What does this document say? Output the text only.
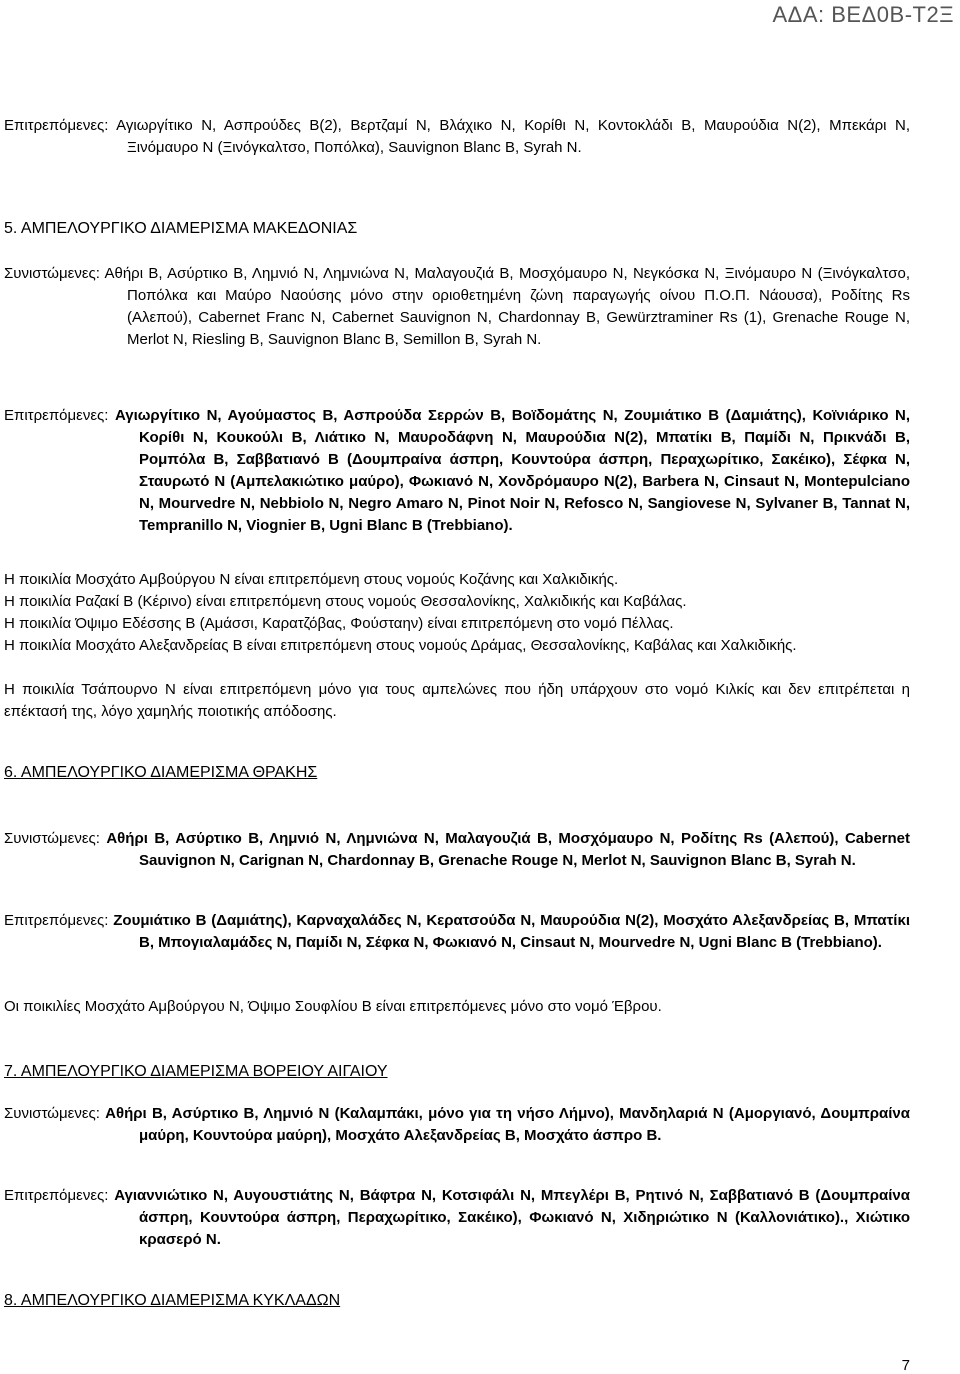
ΑΔΑ: ΒΕΔ0Β-Τ2Ξ
Επιτρεπόμενες: Αγιωργίτικο Ν, Ασπρούδες Β(2), Βερτζαμί Ν, Βλάχικο Ν, Κορίθι Ν, Κοντοκλάδι Β, Μαυρούδια Ν(2), Μπεκάρι Ν, Ξινόμαυρο Ν (Ξινόγκαλτσο, Ποπόλκα), Sauvignon Blanc B, Syrah N.
5. ΑΜΠΕΛΟΥΡΓΙΚΟ ΔΙΑΜΕΡΙΣΜΑ ΜΑΚΕΔΟΝΙΑΣ
Συνιστώμενες: Αθήρι Β, Ασύρτικο Β, Λημνιό Ν, Λημνιώνα Ν, Μαλαγουζιά Β, Μοσχόμαυρο Ν, Νεγκόσκα Ν, Ξινόμαυρο Ν (Ξινόγκαλτσο, Ποπόλκα και Μαύρο Ναούσης μόνο στην οριοθετημένη ζώνη παραγωγής οίνου Π.Ο.Π. Νάουσα), Ροδίτης Rs (Αλεπού), Cabernet Franc N, Cabernet Sauvignon N, Chardonnay B, Gewürztraminer Rs (1), Grenache Rouge N, Merlot N, Riesling B, Sauvignon Blanc B, Semillon B, Syrah N.
Επιτρεπόμενες: Αγιωργίτικο Ν, Αγούμαστος Β, Ασπρούδα Σερρών Β, Βοϊδομάτης Ν, Ζουμιάτικο Β (Δαμιάτης), Κοϊνιάρικο Ν, Κορίθι Ν, Κουκούλι Β, Λιάτικο Ν, Μαυροδάφνη Ν, Μαυρούδια Ν(2), Μπατίκι Β, Παμίδι Ν, Πρικνάδι Β, Ρομπόλα Β, Σαββατιανό Β (Δουμπραίνα άσπρη, Κουντούρα άσπρη, Περαχωρίτικο, Σακέικο), Σέφκα Ν, Σταυρωτό Ν (Αμπελακιώτικο μαύρο), Φωκιανό Ν, Χονδρόμαυρο Ν(2), Barbera N, Cinsaut N, Montepulciano N, Mourvedre N, Nebbiolo N, Negro Amaro N, Pinot Noir N, Refosco N, Sangiovese N, Sylvaner B, Tannat N, Tempranillo N, Viognier B, Ugni Blanc B (Trebbiano).
Η ποικιλία Μοσχάτο Αμβούργου Ν είναι επιτρεπόμενη στους νομούς Κοζάνης και Χαλκιδικής.
Η ποικιλία Ραζακί Β (Κέρινο) είναι επιτρεπόμενη στους νομούς Θεσσαλονίκης, Χαλκιδικής και Καβάλας.
Η ποικιλία Όψιμο Εδέσσης Β (Αμάσσι, Καρατζόβας, Φούσταην) είναι επιτρεπόμενη στο νομό Πέλλας.
Η ποικιλία Μοσχάτο Αλεξανδρείας Β είναι επιτρεπόμενη στους νομούς Δράμας, Θεσσαλονίκης, Καβάλας και Χαλκιδικής.
Η ποικιλία Τσάπουρνο Ν είναι επιτρεπόμενη μόνο για τους αμπελώνες που ήδη υπάρχουν στο νομό Κιλκίς και δεν επιτρέπεται η επέκτασή της, λόγο χαμηλής ποιοτικής απόδοσης.
6. ΑΜΠΕΛΟΥΡΓΙΚΟ ΔΙΑΜΕΡΙΣΜΑ ΘΡΑΚΗΣ
Συνιστώμενες: Αθήρι Β, Ασύρτικο Β, Λημνιό Ν, Λημνιώνα Ν, Μαλαγουζιά Β, Μοσχόμαυρο Ν, Ροδίτης Rs (Αλεπού), Cabernet Sauvignon N, Carignan N, Chardonnay B, Grenache Rouge N, Merlot N, Sauvignon Blanc B, Syrah N.
Επιτρεπόμενες: Ζουμιάτικο Β (Δαμιάτης), Καρναχαλάδες Ν, Κερατσούδα Ν, Μαυρούδια Ν(2), Μοσχάτο Αλεξανδρείας Β, Μπατίκι Β, Μπογιαλαμάδες Ν, Παμίδι Ν, Σέφκα Ν, Φωκιανό Ν, Cinsaut N, Mourvedre N, Ugni Blanc B (Trebbiano).
Οι ποικιλίες Μοσχάτο Αμβούργου Ν, Όψιμο Σουφλίου Β είναι επιτρεπόμενες μόνο στο νομό Έβρου.
7. ΑΜΠΕΛΟΥΡΓΙΚΟ ΔΙΑΜΕΡΙΣΜΑ ΒΟΡΕΙΟΥ ΑΙΓΑΙΟΥ
Συνιστώμενες: Αθήρι Β, Ασύρτικο Β, Λημνιό Ν (Καλαμπάκι, μόνο για τη νήσο Λήμνο), Μανδηλαριά Ν (Αμοργιανό, Δουμπραίνα μαύρη, Κουντούρα μαύρη), Μοσχάτο Αλεξανδρείας Β, Μοσχάτο άσπρο Β.
Επιτρεπόμενες: Αγιαννιώτικο Ν, Αυγουστιάτης Ν, Βάφτρα Ν, Κοτσιφάλι Ν, Μπεγλέρι Β, Ρητινό Ν, Σαββατιανό Β (Δουμπραίνα άσπρη, Κουντούρα άσπρη, Περαχωρίτικο, Σακέικο), Φωκιανό Ν, Χιδηριώτικο Ν (Καλλονιάτικο)., Χιώτικο κρασερό Ν.
8. ΑΜΠΕΛΟΥΡΓΙΚΟ ΔΙΑΜΕΡΙΣΜΑ ΚΥΚΛΑΔΩΝ
7
